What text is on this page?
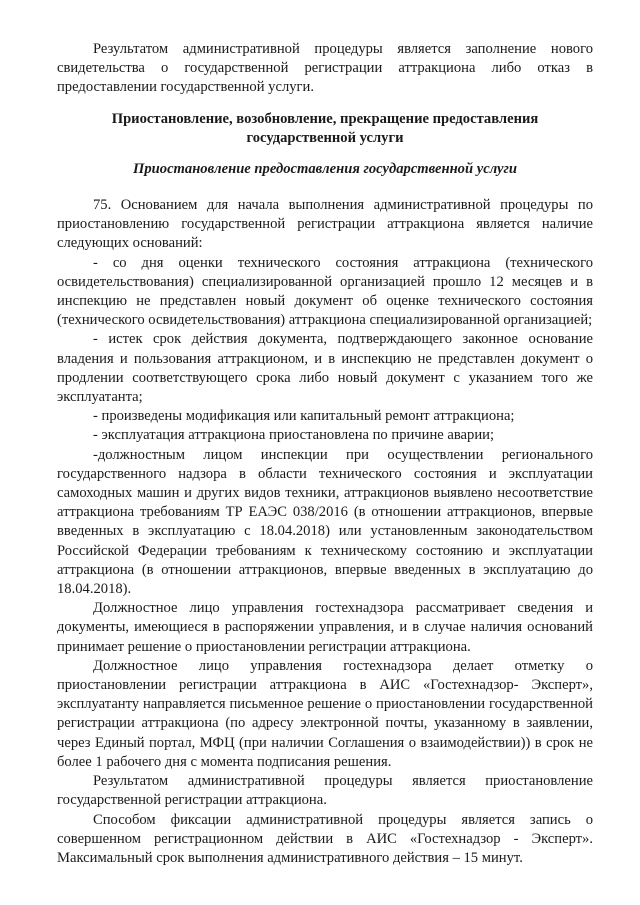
Результатом административной процедуры является заполнение нового свидетельства о государственной регистрации аттракциона либо отказ в предоставлении государственной услуги.

Приостановление, возобновление, прекращение предоставления государственной услуги
Приостановление предоставления государственной услуги

75. Основанием для начала выполнения административной процедуры по приостановлению государственной регистрации аттракциона является наличие следующих оснований:

- со дня оценки технического состояния аттракциона (технического освидетельствования) специализированной организацией прошло 12 месяцев и в инспекцию не представлен новый документ об оценке технического состояния (технического освидетельствования) аттракциона специализированной организацией;

- истек срок действия документа, подтверждающего законное основание владения и пользования аттракционом, и в инспекцию не представлен документ о продлении соответствующего срока либо новый документ с указанием того же эксплуатанта;

- произведены модификация или капитальный ремонт аттракциона;

- эксплуатация аттракциона приостановлена по причине аварии;

-должностным лицом инспекции при осуществлении регионального государственного надзора в области технического состояния и эксплуатации самоходных машин и других видов техники, аттракционов выявлено несоответствие аттракциона требованиям ТР ЕАЭС 038/2016 (в отношении аттракционов, впервые введенных в эксплуатацию с 18.04.2018) или установленным законодательством Российской Федерации требованиям к техническому состоянию и эксплуатации аттракциона (в отношении аттракционов, впервые введенных в эксплуатацию до 18.04.2018).

Должностное лицо управления гостехнадзора рассматривает сведения и документы, имеющиеся в распоряжении управления, и в случае наличия оснований принимает решение о приостановлении регистрации аттракциона.

Должностное лицо управления гостехнадзора делает отметку о приостановлении регистрации аттракциона в АИС «Гостехнадзор- Эксперт», эксплуатанту направляется письменное решение о приостановлении государственной регистрации аттракциона (по адресу электронной почты, указанному в заявлении, через Единый портал, МФЦ (при наличии Соглашения о взаимодействии)) в срок не более 1 рабочего дня с момента подписания решения.

Результатом административной процедуры является приостановление государственной регистрации аттракциона.

Способом фиксации административной процедуры является запись о совершенном регистрационном действии в АИС «Гостехнадзор - Эксперт». Максимальный срок выполнения административного действия – 15 минут.
